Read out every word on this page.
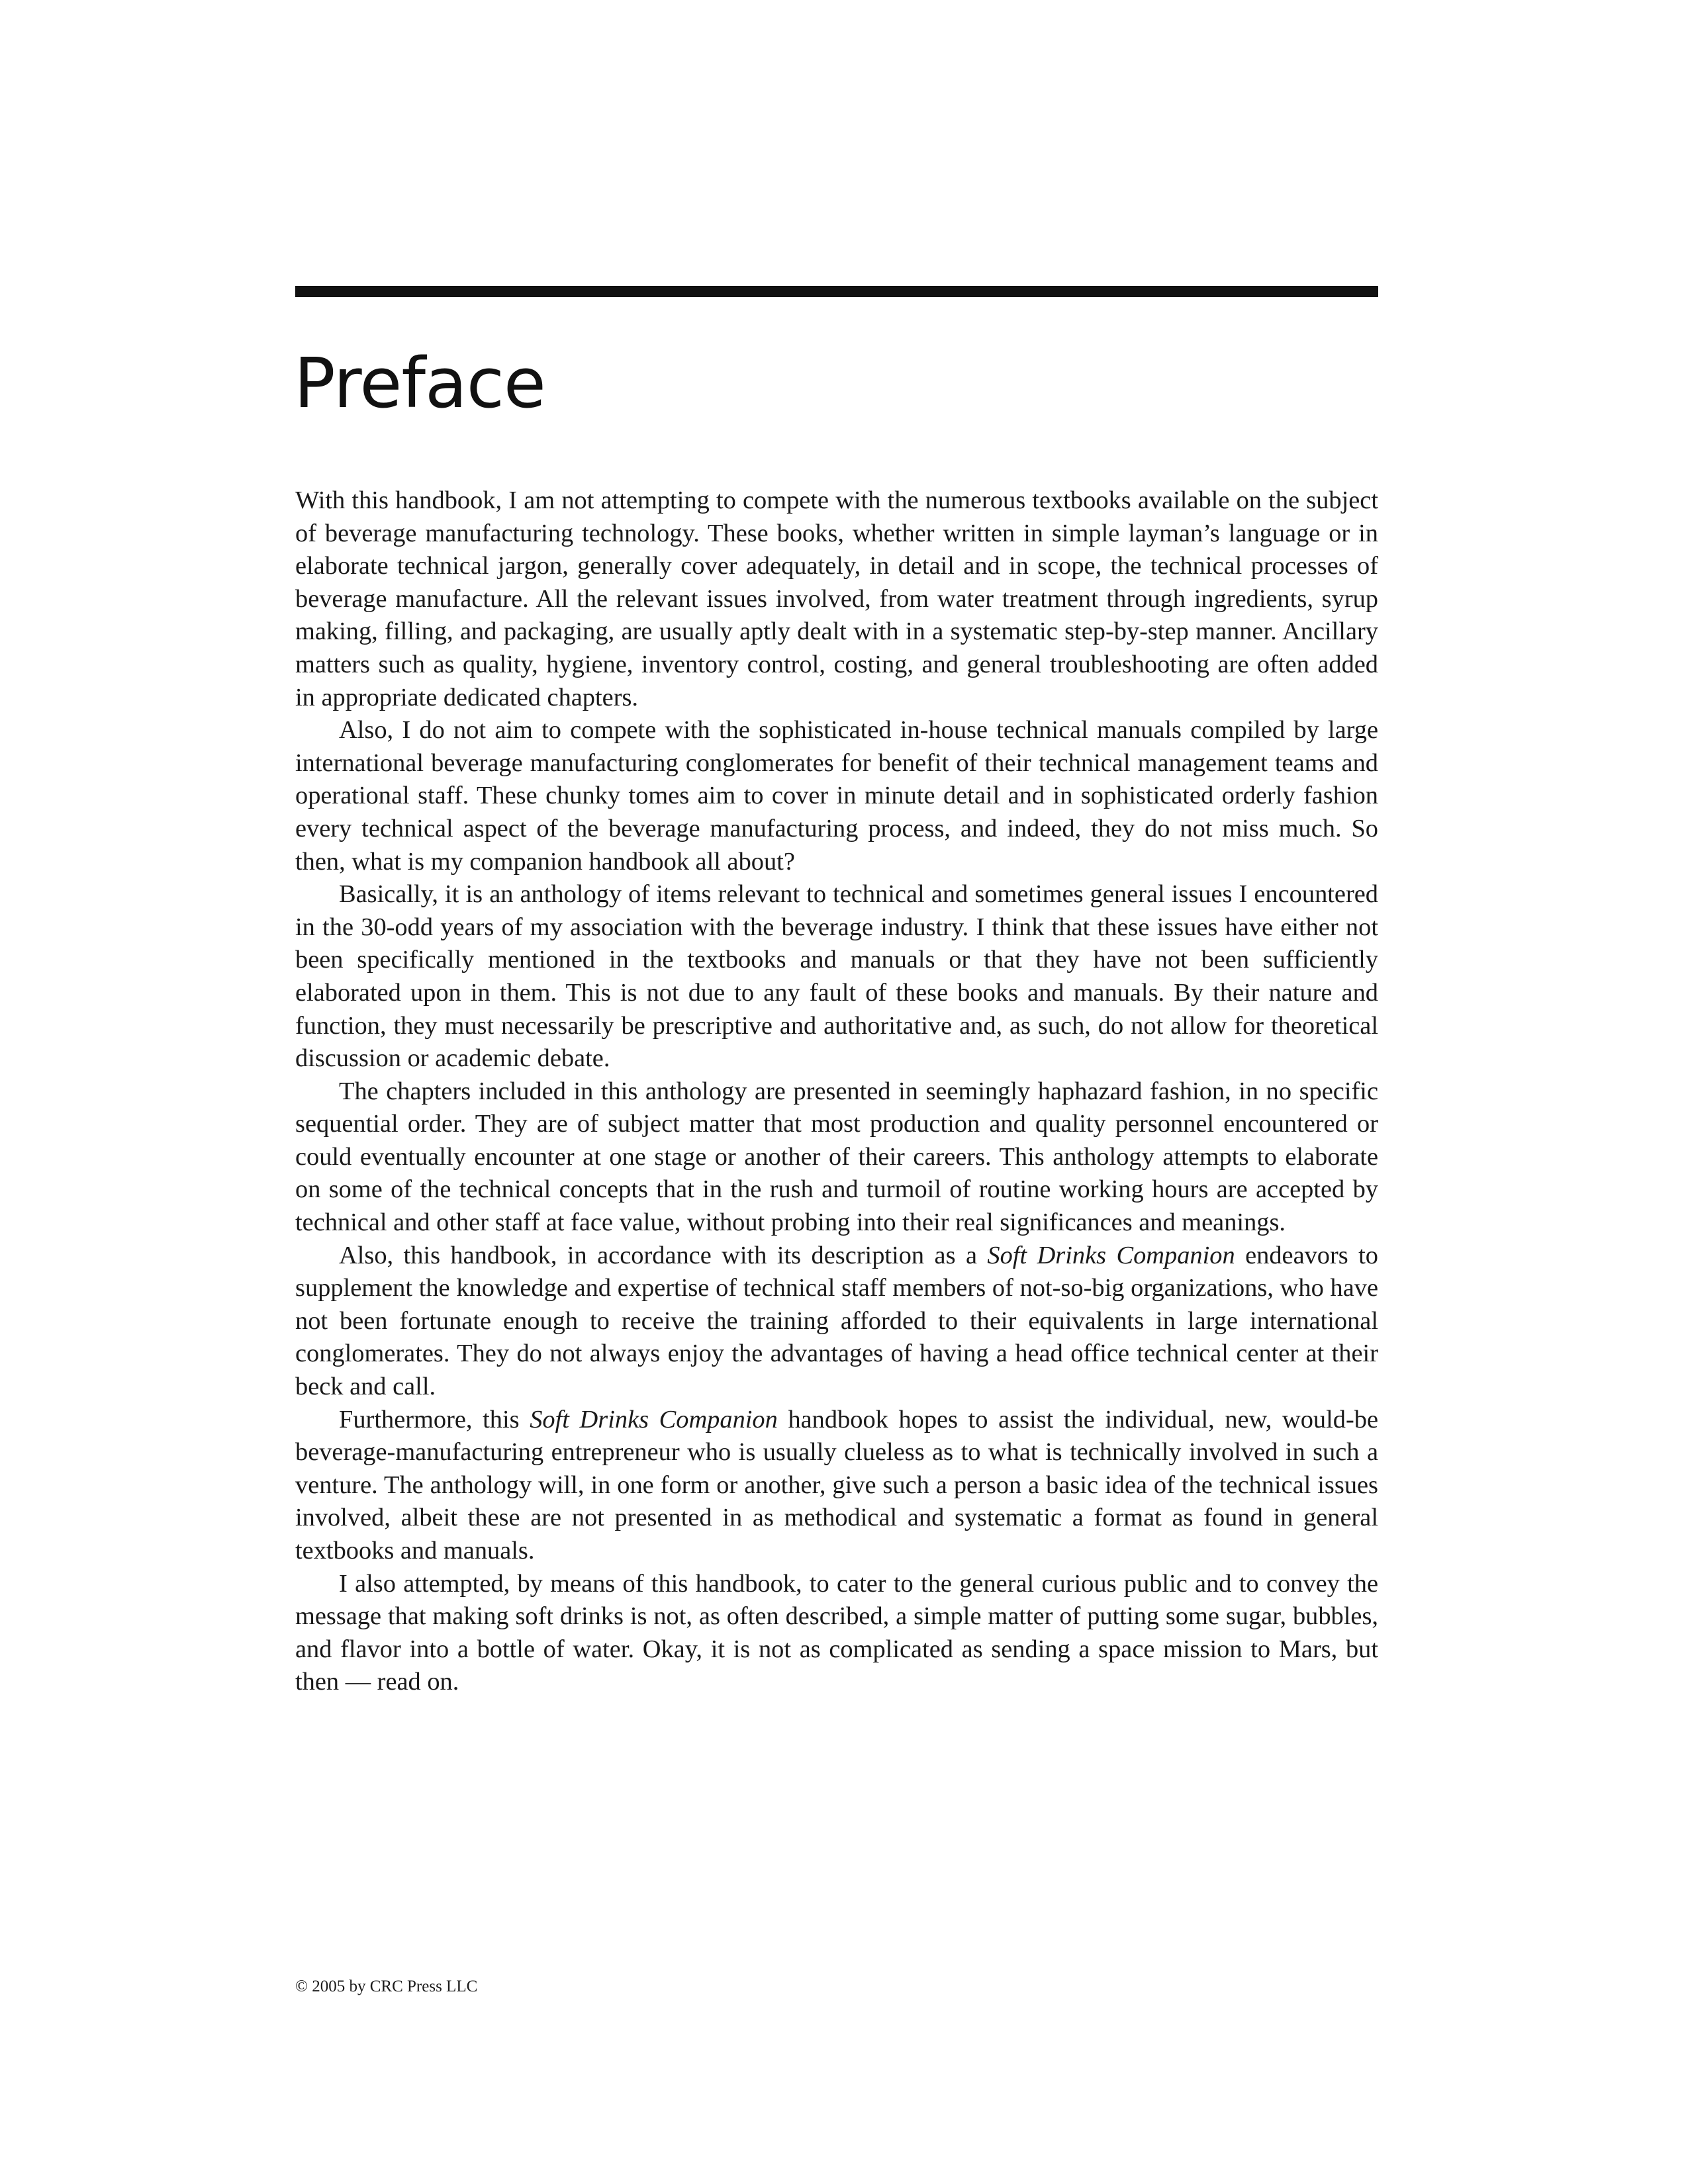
Preface

With this handbook, I am not attempting to compete with the numerous textbooks available on the subject of beverage manufacturing technology. These books, whether written in simple layman’s language or in elaborate technical jargon, generally cover adequately, in detail and in scope, the technical processes of beverage manufacture. All the relevant issues involved, from water treatment through ingredients, syrup making, filling, and packaging, are usually aptly dealt with in a systematic step-by-step manner. Ancillary matters such as quality, hygiene, inventory control, costing, and general troubleshooting are often added in appropriate dedicated chapters.

Also, I do not aim to compete with the sophisticated in-house technical manuals compiled by large international beverage manufacturing conglomerates for benefit of their technical management teams and operational staff. These chunky tomes aim to cover in minute detail and in sophisticated orderly fashion every technical aspect of the beverage manufacturing process, and indeed, they do not miss much. So then, what is my companion handbook all about?

Basically, it is an anthology of items relevant to technical and sometimes general issues I encountered in the 30-odd years of my association with the beverage industry. I think that these issues have either not been specifically mentioned in the textbooks and manuals or that they have not been sufficiently elaborated upon in them. This is not due to any fault of these books and manuals. By their nature and function, they must necessarily be prescriptive and authoritative and, as such, do not allow for theoretical discussion or academic debate.

The chapters included in this anthology are presented in seemingly haphazard fashion, in no specific sequential order. They are of subject matter that most production and quality personnel encountered or could eventually encounter at one stage or another of their careers. This anthology attempts to elaborate on some of the technical concepts that in the rush and turmoil of routine working hours are accepted by technical and other staff at face value, without probing into their real significances and meanings.

Also, this handbook, in accordance with its description as a Soft Drinks Companion endeavors to supplement the knowledge and expertise of technical staff members of not-so-big organizations, who have not been fortunate enough to receive the training afforded to their equivalents in large international conglomerates. They do not always enjoy the advantages of having a head office technical center at their beck and call.

Furthermore, this Soft Drinks Companion handbook hopes to assist the individual, new, would-be beverage-manufacturing entrepreneur who is usually clueless as to what is technically involved in such a venture. The anthology will, in one form or another, give such a person a basic idea of the technical issues involved, albeit these are not presented in as methodical and systematic a format as found in general textbooks and manuals.

I also attempted, by means of this handbook, to cater to the general curious public and to convey the message that making soft drinks is not, as often described, a simple matter of putting some sugar, bubbles, and flavor into a bottle of water. Okay, it is not as complicated as sending a space mission to Mars, but then — read on.

© 2005 by CRC Press LLC
